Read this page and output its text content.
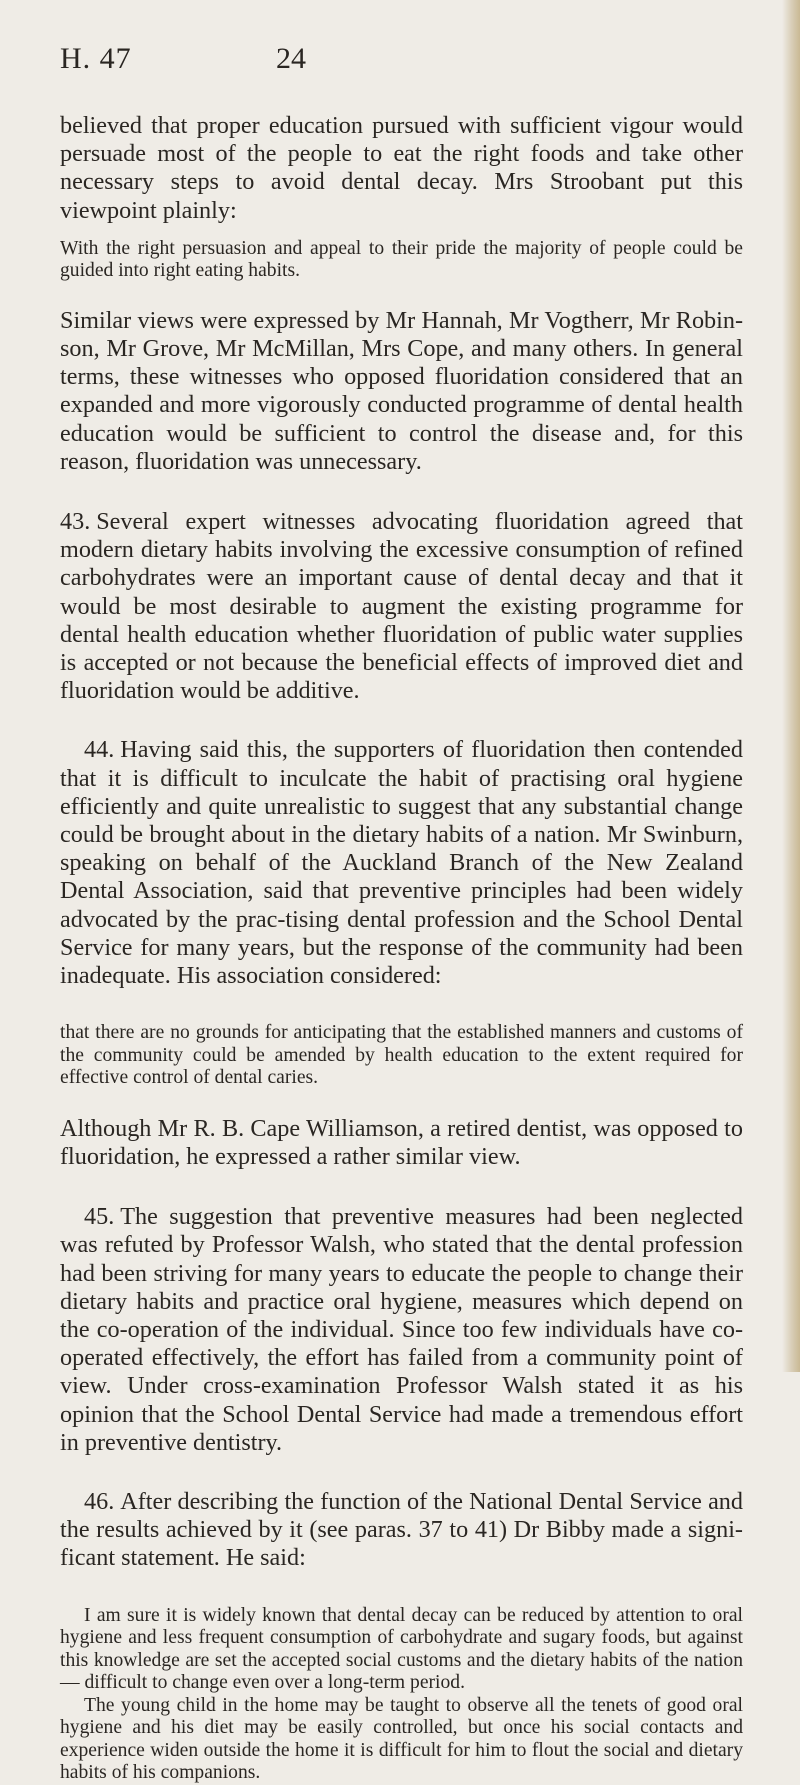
H. 47	24

believed that proper education pursued with sufficient vigour would persuade most of the people to eat the right foods and take other necessary steps to avoid dental decay. Mrs Stroobant put this viewpoint plainly:

With the right persuasion and appeal to their pride the majority of people could be guided into right eating habits.

Similar views were expressed by Mr Hannah, Mr Vogtherr, Mr Robin-son, Mr Grove, Mr McMillan, Mrs Cope, and many others. In general terms, these witnesses who opposed fluoridation considered that an expanded and more vigorously conducted programme of dental health education would be sufficient to control the disease and, for this reason, fluoridation was unnecessary.

43. Several expert witnesses advocating fluoridation agreed that modern dietary habits involving the excessive consumption of refined carbohydrates were an important cause of dental decay and that it would be most desirable to augment the existing programme for dental health education whether fluoridation of public water supplies is accepted or not because the beneficial effects of improved diet and fluoridation would be additive.

44. Having said this, the supporters of fluoridation then contended that it is difficult to inculcate the habit of practising oral hygiene efficiently and quite unrealistic to suggest that any substantial change could be brought about in the dietary habits of a nation. Mr Swinburn, speaking on behalf of the Auckland Branch of the New Zealand Dental Association, said that preventive principles had been widely advocated by the prac-tising dental profession and the School Dental Service for many years, but the response of the community had been inadequate. His association considered:

that there are no grounds for anticipating that the established manners and customs of the community could be amended by health education to the extent required for effective control of dental caries.

Although Mr R. B. Cape Williamson, a retired dentist, was opposed to fluoridation, he expressed a rather similar view.

45. The suggestion that preventive measures had been neglected was refuted by Professor Walsh, who stated that the dental profession had been striving for many years to educate the people to change their dietary habits and practice oral hygiene, measures which depend on the co-operation of the individual. Since too few individuals have co-operated effectively, the effort has failed from a community point of view. Under cross-examination Professor Walsh stated it as his opinion that the School Dental Service had made a tremendous effort in preventive dentistry.

46. After describing the function of the National Dental Service and the results achieved by it (see paras. 37 to 41) Dr Bibby made a signi-ficant statement. He said:

I am sure it is widely known that dental decay can be reduced by attention to oral hygiene and less frequent consumption of carbohydrate and sugary foods, but against this knowledge are set the accepted social customs and the dietary habits of the nation — difficult to change even over a long-term period.

The young child in the home may be taught to observe all the tenets of good oral hygiene and his diet may be easily controlled, but once his social contacts and experience widen outside the home it is difficult for him to flout the social and dietary habits of his companions.
